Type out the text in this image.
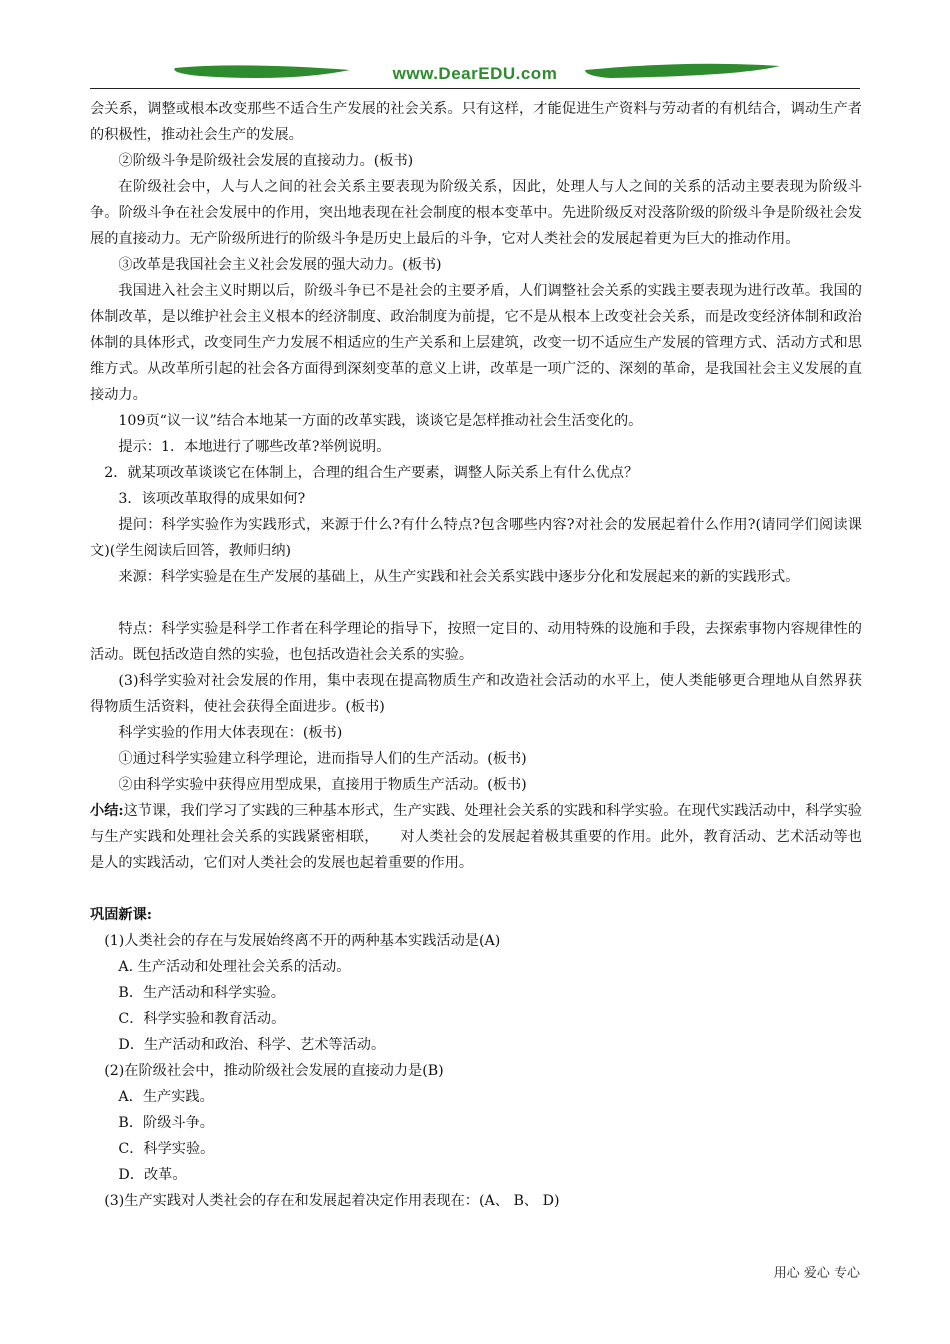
www.DearEDU.com

会关系，调整或根本改变那些不适合生产发展的社会关系。只有这样，才能促进生产资料与劳动者的有机结合，调动生产者的积极性，推动社会生产的发展。

②阶级斗争是阶级社会发展的直接动力。(板书)

在阶级社会中，人与人之间的社会关系主要表现为阶级关系，因此，处理人与人之间的关系的活动主要表现为阶级斗争。阶级斗争在社会发展中的作用，突出地表现在社会制度的根本变革中。先进阶级反对没落阶级的阶级斗争是阶级社会发展的直接动力。无产阶级所进行的阶级斗争是历史上最后的斗争，它对人类社会的发展起着更为巨大的推动作用。

③改革是我国社会主义社会发展的强大动力。(板书)

我国进入社会主义时期以后，阶级斗争已不是社会的主要矛盾，人们调整社会关系的实践主要表现为进行改革。我国的体制改革，是以维护社会主义根本的经济制度、政治制度为前提，它不是从根本上改变社会关系，而是改变经济体制和政治体制的具体形式，改变同生产力发展不相适应的生产关系和上层建筑，改变一切不适应生产发展的管理方式、活动方式和思维方式。从改革所引起的社会各方面得到深刻变革的意义上讲，改革是一项广泛的、深刻的革命，是我国社会主义发展的直接动力。

109页“议一议”结合本地某一方面的改革实践，谈谈它是怎样推动社会生活变化的。

提示：1．本地进行了哪些改革?举例说明。

2．就某项改革谈谈它在体制上，合理的组合生产要素，调整人际关系上有什么优点？

3．该项改革取得的成果如何?

提问：科学实验作为实践形式，来源于什么?有什么特点?包含哪些内容?对社会的发展起着什么作用?(请同学们阅读课文)(学生阅读后回答，教师归纳)

来源：科学实验是在生产发展的基础上，从生产实践和社会关系实践中逐步分化和发展起来的新的实践形式。

特点：科学实验是科学工作者在科学理论的指导下，按照一定目的、动用特殊的设施和手段，去探索事物内容规律性的活动。既包括改造自然的实验，也包括改造社会关系的实验。

(3)科学实验对社会发展的作用，集中表现在提高物质生产和改造社会活动的水平上，使人类能够更合理地从自然界获得物质生活资料，使社会获得全面进步。(板书)

科学实验的作用大体表现在：(板书)

①通过科学实验建立科学理论，进而指导人们的生产活动。(板书)

②由科学实验中获得应用型成果，直接用于物质生产活动。(板书)

小结:这节课，我们学习了实践的三种基本形式，生产实践、处理社会关系的实践和科学实验。在现代实践活动中，科学实验与生产实践和处理社会关系的实践紧密相联，　　对人类社会的发展起着极其重要的作用。此外，教育活动、艺术活动等也是人的实践活动，它们对人类社会的发展也起着重要的作用。

巩固新课:

(1)人类社会的存在与发展始终离不开的两种基本实践活动是(A)

A. 生产活动和处理社会关系的活动。

B．生产活动和科学实验。

C．科学实验和教育活动。

D．生产活动和政治、科学、艺术等活动。

(2)在阶级社会中，推动阶级社会发展的直接动力是(B)

A．生产实践。

B．阶级斗争。

C．科学实验。

D．改革。

(3)生产实践对人类社会的存在和发展起着决定作用表现在：(A、 B、 D)

用心 爱心 专心
